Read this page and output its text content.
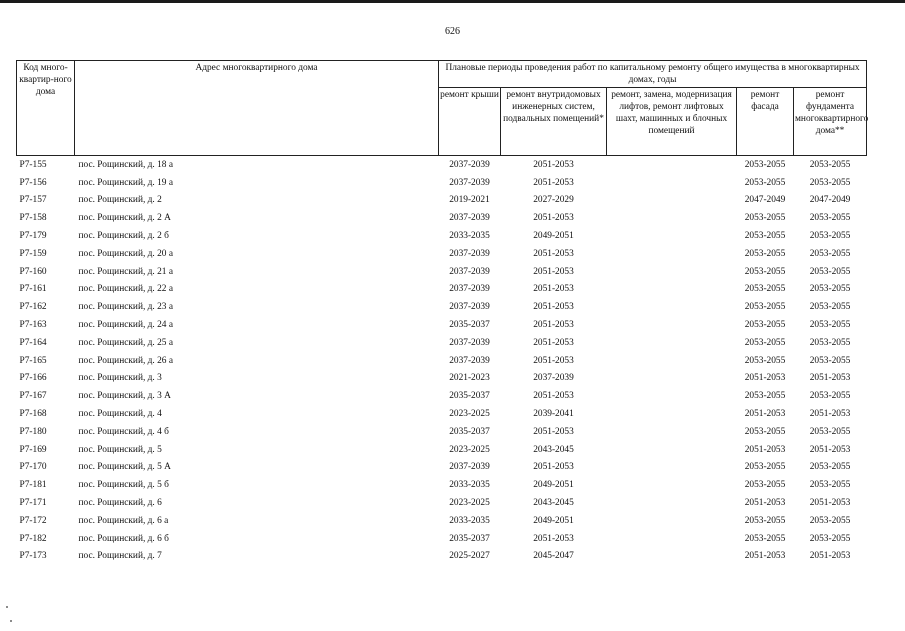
626
Код много-квартир-ного дома	Адрес многоквартирного дома	Плановые периоды проведения работ по капитальному ремонту общего имущества в многоквартирных домах, годы				
		ремонт крыши	ремонт внутридомовых инженерных систем, подвальных помещений*	ремонт, замена, модернизация лифтов, ремонт лифтовых шахт, машинных и блочных помещений	ремонт фасада	ремонт фундамента многоквартирного дома**
Р7-155	пос. Рощинский, д. 18 а	2037-2039	2051-2053		2053-2055	2053-2055
Р7-156	пос. Рощинский, д. 19 а	2037-2039	2051-2053		2053-2055	2053-2055
Р7-157	пос. Рощинский, д. 2	2019-2021	2027-2029		2047-2049	2047-2049
Р7-158	пос. Рощинский, д. 2 А	2037-2039	2051-2053		2053-2055	2053-2055
Р7-179	пос. Рощинский, д. 2 б	2033-2035	2049-2051		2053-2055	2053-2055
Р7-159	пос. Рощинский, д. 20 а	2037-2039	2051-2053		2053-2055	2053-2055
Р7-160	пос. Рощинский, д. 21 а	2037-2039	2051-2053		2053-2055	2053-2055
Р7-161	пос. Рощинский, д. 22 а	2037-2039	2051-2053		2053-2055	2053-2055
Р7-162	пос. Рощинский, д. 23 а	2037-2039	2051-2053		2053-2055	2053-2055
Р7-163	пос. Рощинский, д. 24 а	2035-2037	2051-2053		2053-2055	2053-2055
Р7-164	пос. Рощинский, д. 25 а	2037-2039	2051-2053		2053-2055	2053-2055
Р7-165	пос. Рощинский, д. 26 а	2037-2039	2051-2053		2053-2055	2053-2055
Р7-166	пос. Рощинский, д. 3	2021-2023	2037-2039		2051-2053	2051-2053
Р7-167	пос. Рощинский, д. 3 А	2035-2037	2051-2053		2053-2055	2053-2055
Р7-168	пос. Рощинский, д. 4	2023-2025	2039-2041		2051-2053	2051-2053
Р7-180	пос. Рощинский, д. 4 б	2035-2037	2051-2053		2053-2055	2053-2055
Р7-169	пос. Рощинский, д. 5	2023-2025	2043-2045		2051-2053	2051-2053
Р7-170	пос. Рощинский, д. 5 А	2037-2039	2051-2053		2053-2055	2053-2055
Р7-181	пос. Рощинский, д. 5 б	2033-2035	2049-2051		2053-2055	2053-2055
Р7-171	пос. Рощинский, д. 6	2023-2025	2043-2045		2051-2053	2051-2053
Р7-172	пос. Рощинский, д. 6 а	2033-2035	2049-2051		2053-2055	2053-2055
Р7-182	пос. Рощинский, д. 6 б	2035-2037	2051-2053		2053-2055	2053-2055
Р7-173	пос. Рощинский, д. 7	2025-2027	2045-2047		2051-2053	2051-2053
